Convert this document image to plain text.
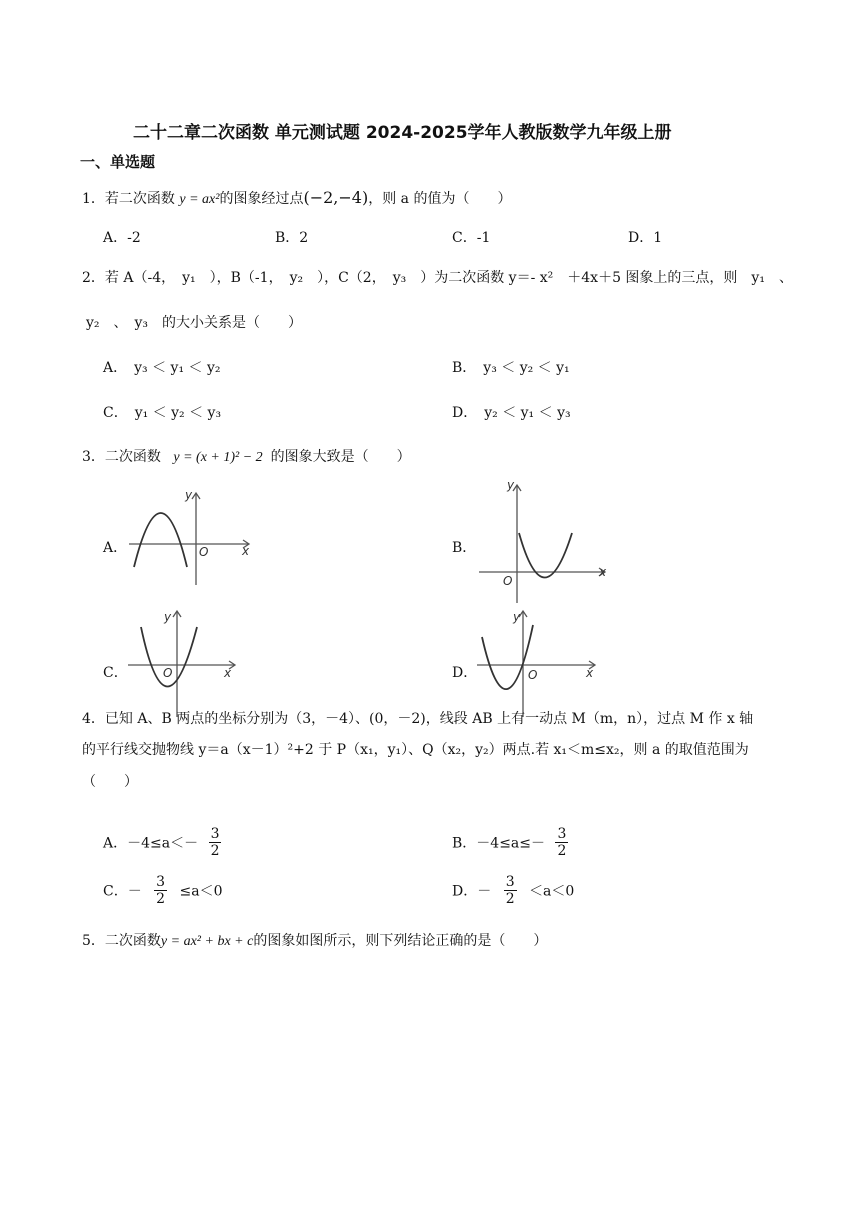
二十二章二次函数 单元测试题 2024-2025学年人教版数学九年级上册
一、单选题
1．若二次函数 y = ax²的图象经过点(−2,−4)，则 a 的值为（　　）
A．-2	B．2	C．-1	D．1
2．若 A（-4，　y₁　），B（-1，　y₂　），C（2，　y₃　）为二次函数 y＝- x²　＋4x＋5 图象上的三点，则　y₁　、
y₂　、　y₃　的大小关系是（　　）
A．　y₃ ＜ y₁ ＜ y₂	B．　y₃ ＜ y₂ ＜ y₁
C．　y₁ ＜ y₂ ＜ y₃	D．　y₂ ＜ y₁ ＜ y₃
3．二次函数 y = (x + 1)² − 2 的图象大致是（　　）
A．	B．
C．	D．
y
x
O
y
x
O
y
x
O
y
x
O
4．已知 A、B 两点的坐标分别为（3，－4）、(0，－2)，线段 AB 上有一动点 M（m，n），过点 M 作 x 轴
的平行线交抛物线 y＝a（x－1）²+2 于 P（x₁，y₁）、Q（x₂，y₂）两点.若 x₁＜m≤x₂，则 a 的取值范围为
（　　）
A．$-4\le a<- \frac{3}{2}$	B．$-4\le a\le- \frac{3}{2}$
C．－ $\frac{3}{2} \le a<0$	D．－ $\frac{3}{2} <a<0$
5．二次函数y = ax² + bx + c的图象如图所示，则下列结论正确的是（　　）
